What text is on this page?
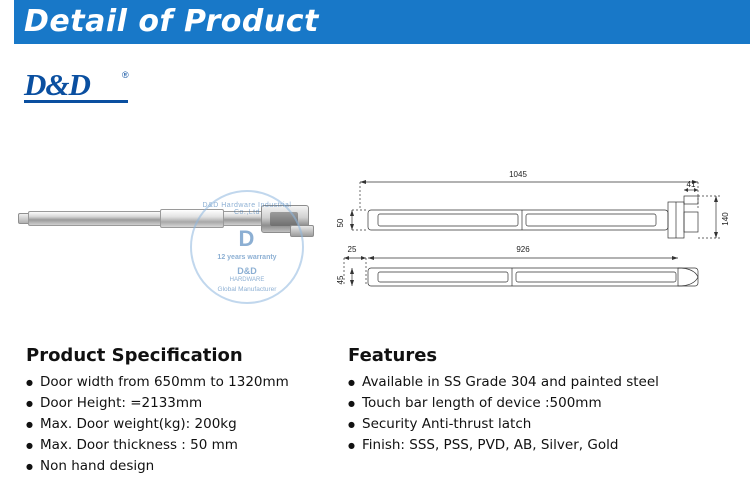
Detail of Product
D&D	®
D&D Hardware Industrial Co.,Ltd
D
12 years warranty
D&D
HARDWARE
Global Manufacturer
1045
41
50	140
25	926
45
Product Specification
● Door width from 650mm to 1320mm
● Door Height: =2133mm
● Max. Door weight(kg): 200kg
● Max. Door thickness : 50 mm
● Non hand design
Features
● Available in SS Grade 304 and painted steel
● Touch bar length of device :500mm
● Security Anti-thrust latch
● Finish: SSS, PSS, PVD, AB, Silver, Gold
